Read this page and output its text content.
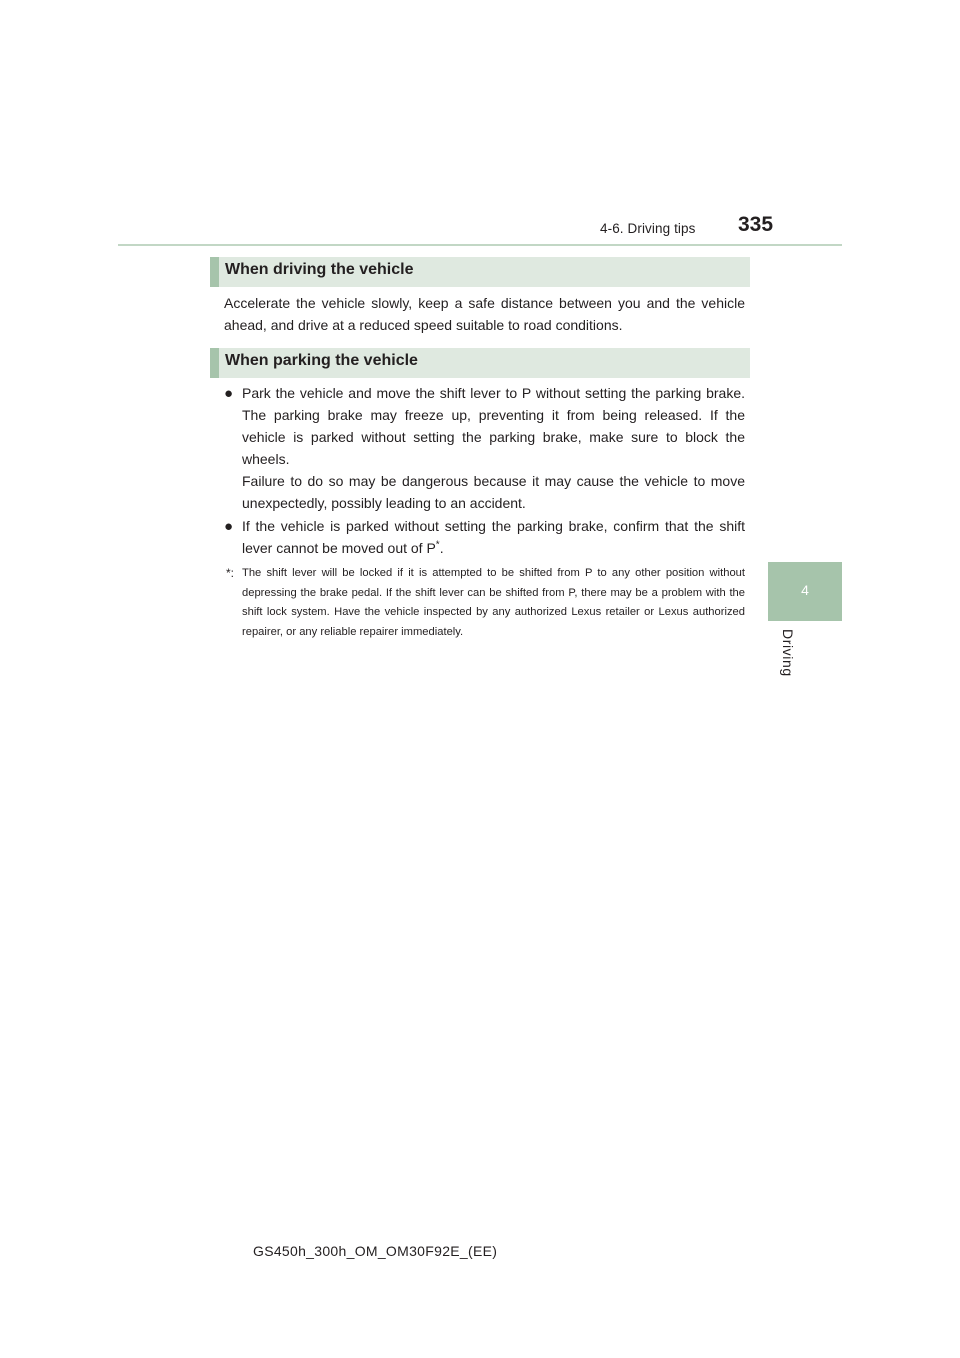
4-6. Driving tips 335
4
Driving
When driving the vehicle
Accelerate the vehicle slowly, keep a safe distance between you and the vehicle ahead, and drive at a reduced speed suitable to road conditions.
When parking the vehicle
● Park the vehicle and move the shift lever to P without setting the parking brake. The parking brake may freeze up, preventing it from being released. If the vehicle is parked without setting the parking brake, make sure to block the wheels.

Failure to do so may be dangerous because it may cause the vehicle to move unexpectedly, possibly leading to an accident.

● If the vehicle is parked without setting the parking brake, confirm that the shift lever cannot be moved out of P*.

*: The shift lever will be locked if it is attempted to be shifted from P to any other position without depressing the brake pedal. If the shift lever can be shifted from P, there may be a problem with the shift lock system. Have the vehicle inspected by any authorized Lexus retailer or Lexus authorized repairer, or any reliable repairer immediately.

GS450h_300h_OM_OM30F92E_(EE)
